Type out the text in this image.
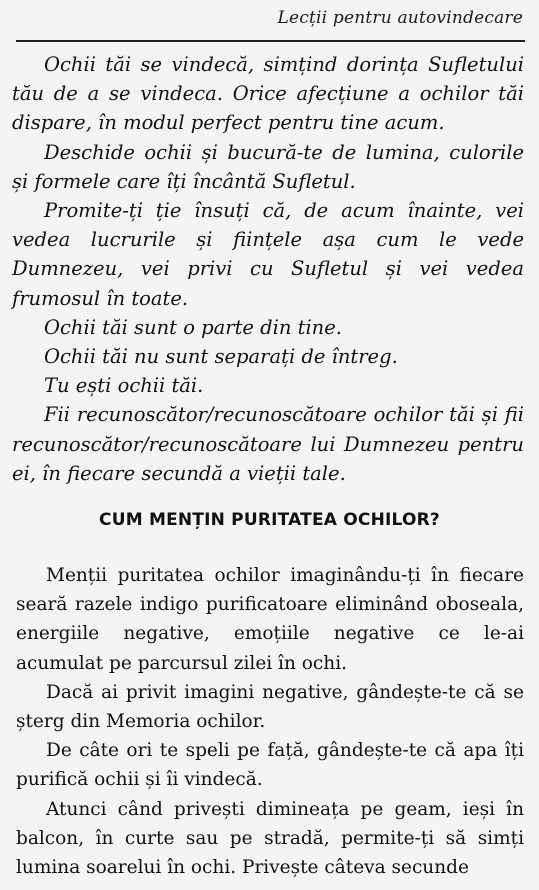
Lecții pentru autovindecare

Ochii tăi se vindecă, simțind dorința Sufletului tău de a se vindeca. Orice afecțiune a ochilor tăi dispare, în modul perfect pentru tine acum.

Deschide ochii și bucură-te de lumina, culorile și formele care îți încântă Sufletul.

Promite-ți ție însuți că, de acum înainte, vei vedea lucrurile și ființele așa cum le vede Dumnezeu, vei privi cu Sufletul și vei vedea frumosul în toate.

Ochii tăi sunt o parte din tine.

Ochii tăi nu sunt separați de întreg.

Tu ești ochii tăi.

Fii recunoscător/recunoscătoare ochilor tăi și fii recunoscător/recunoscătoare lui Dumnezeu pentru ei, în fiecare secundă a vieții tale.

CUM MENȚIN PURITATEA OCHILOR?

Menții puritatea ochilor imaginându-ți în fiecare seară razele indigo purificatoare eliminând oboseala, energiile negative, emoțiile negative ce le-ai acumulat pe parcursul zilei în ochi.

Dacă ai privit imagini negative, gândește-te că se șterg din Memoria ochilor.

De câte ori te speli pe față, gândește-te că apa îți purifică ochii și îi vindecă.

Atunci când privești dimineața pe geam, ieși în balcon, în curte sau pe stradă, permite-ți să simți lumina soarelui în ochi. Privește câteva secunde
